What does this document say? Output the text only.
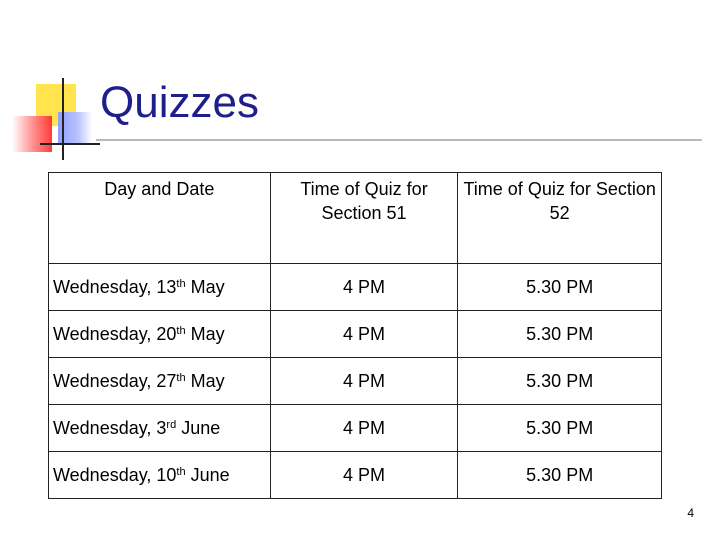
Quizzes
Day and Date	Time of Quiz for Section 51	Time of Quiz for Section 52
Wednesday, 13th May	4 PM	5.30 PM
Wednesday, 20th May	4 PM	5.30 PM
Wednesday, 27th May	4 PM	5.30 PM
Wednesday, 3rd June	4 PM	5.30 PM
Wednesday, 10th June	4 PM	5.30 PM
4
